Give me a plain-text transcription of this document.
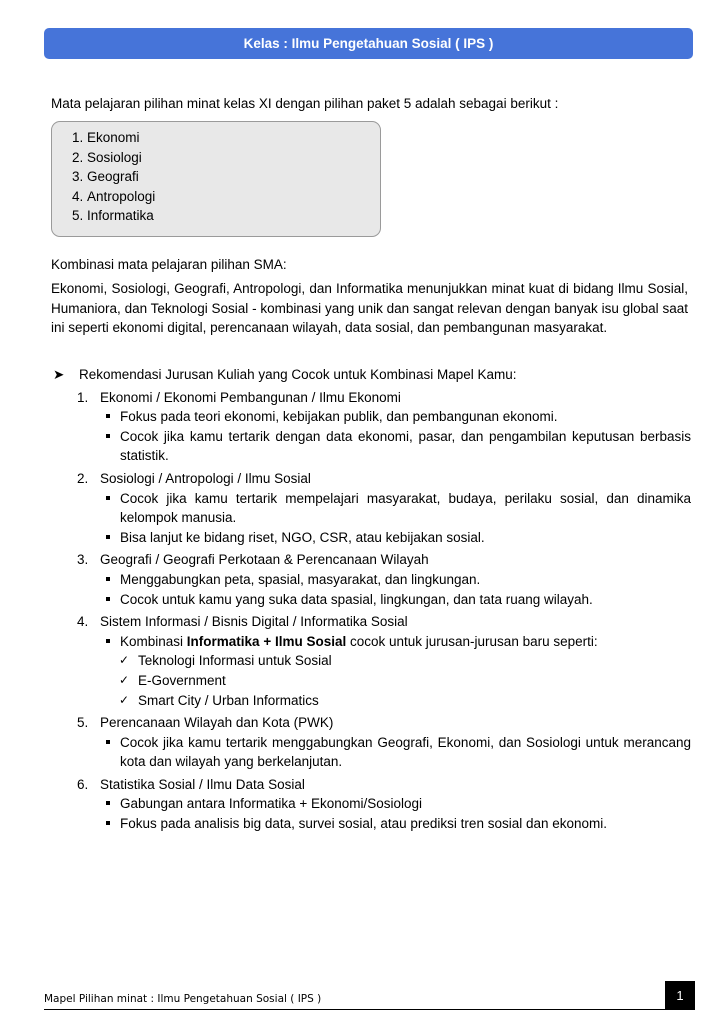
Kelas : Ilmu Pengetahuan Sosial ( IPS )
Mata pelajaran pilihan minat kelas XI dengan pilihan paket 5 adalah sebagai berikut :
1. Ekonomi
2. Sosiologi
3. Geografi
4. Antropologi
5. Informatika
Kombinasi mata pelajaran pilihan SMA:

Ekonomi, Sosiologi, Geografi, Antropologi, dan Informatika menunjukkan minat kuat di bidang Ilmu Sosial, Humaniora, dan Teknologi Sosial - kombinasi yang unik dan sangat relevan dengan banyak isu global saat ini seperti ekonomi digital, perencanaan wilayah, data sosial, dan pembangunan masyarakat.

➤ Rekomendasi Jurusan Kuliah yang Cocok untuk Kombinasi Mapel Kamu:
1. Ekonomi / Ekonomi Pembangunan / Ilmu Ekonomi
Fokus pada teori ekonomi, kebijakan publik, dan pembangunan ekonomi.
Cocok jika kamu tertarik dengan data ekonomi, pasar, dan pengambilan keputusan berbasis statistik.
2. Sosiologi / Antropologi / Ilmu Sosial
Cocok jika kamu tertarik mempelajari masyarakat, budaya, perilaku sosial, dan dinamika kelompok manusia.
Bisa lanjut ke bidang riset, NGO, CSR, atau kebijakan sosial.
3. Geografi / Geografi Perkotaan & Perencanaan Wilayah
Menggabungkan peta, spasial, masyarakat, dan lingkungan.
Cocok untuk kamu yang suka data spasial, lingkungan, dan tata ruang wilayah.
4. Sistem Informasi / Bisnis Digital / Informatika Sosial
Kombinasi Informatika + Ilmu Sosial cocok untuk jurusan-jurusan baru seperti:
✓ Teknologi Informasi untuk Sosial
✓ E-Government
✓ Smart City / Urban Informatics
5. Perencanaan Wilayah dan Kota (PWK)
Cocok jika kamu tertarik menggabungkan Geografi, Ekonomi, dan Sosiologi untuk merancang kota dan wilayah yang berkelanjutan.
6. Statistika Sosial / Ilmu Data Sosial
Gabungan antara Informatika + Ekonomi/Sosiologi
Fokus pada analisis big data, survei sosial, atau prediksi tren sosial dan ekonomi.
Mapel Pilihan minat : Ilmu Pengetahuan Sosial ( IPS )	1
